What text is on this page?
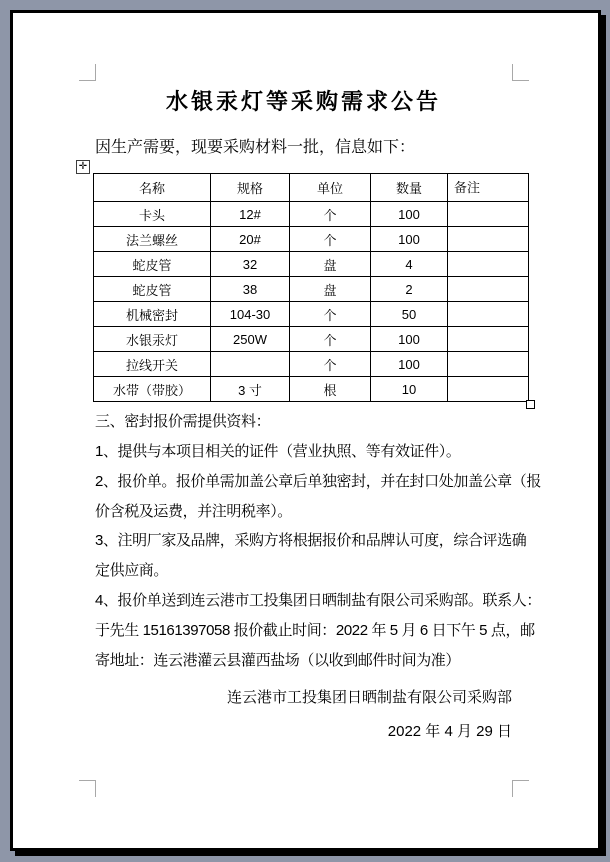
水银汞灯等采购需求公告
因生产需要，现要采购材料一批，信息如下：
✛
名称	规格	单位	数量	备注
卡头	12#	个	100	
法兰螺丝	20#	个	100	
蛇皮管	32	盘	4	
蛇皮管	38	盘	2	
机械密封	104-30	个	50	
水银汞灯	250W	个	100	
拉线开关		个	100	
水带（带胶）	3 寸	根	10	
三、密封报价需提供资料：
1、提供与本项目相关的证件（营业执照、等有效证件）。
2、报价单。报价单需加盖公章后单独密封，并在封口处加盖公章（报
价含税及运费，并注明税率）。
3、注明厂家及品牌，采购方将根据报价和品牌认可度，综合评选确
定供应商。
4、报价单送到连云港市工投集团日晒制盐有限公司采购部。联系人：
于先生 15161397058 报价截止时间：2022 年 5 月 6 日下午 5 点，邮
寄地址：连云港灌云县灌西盐场（以收到邮件时间为准）
连云港市工投集团日晒制盐有限公司采购部
2022 年 4 月 29 日
